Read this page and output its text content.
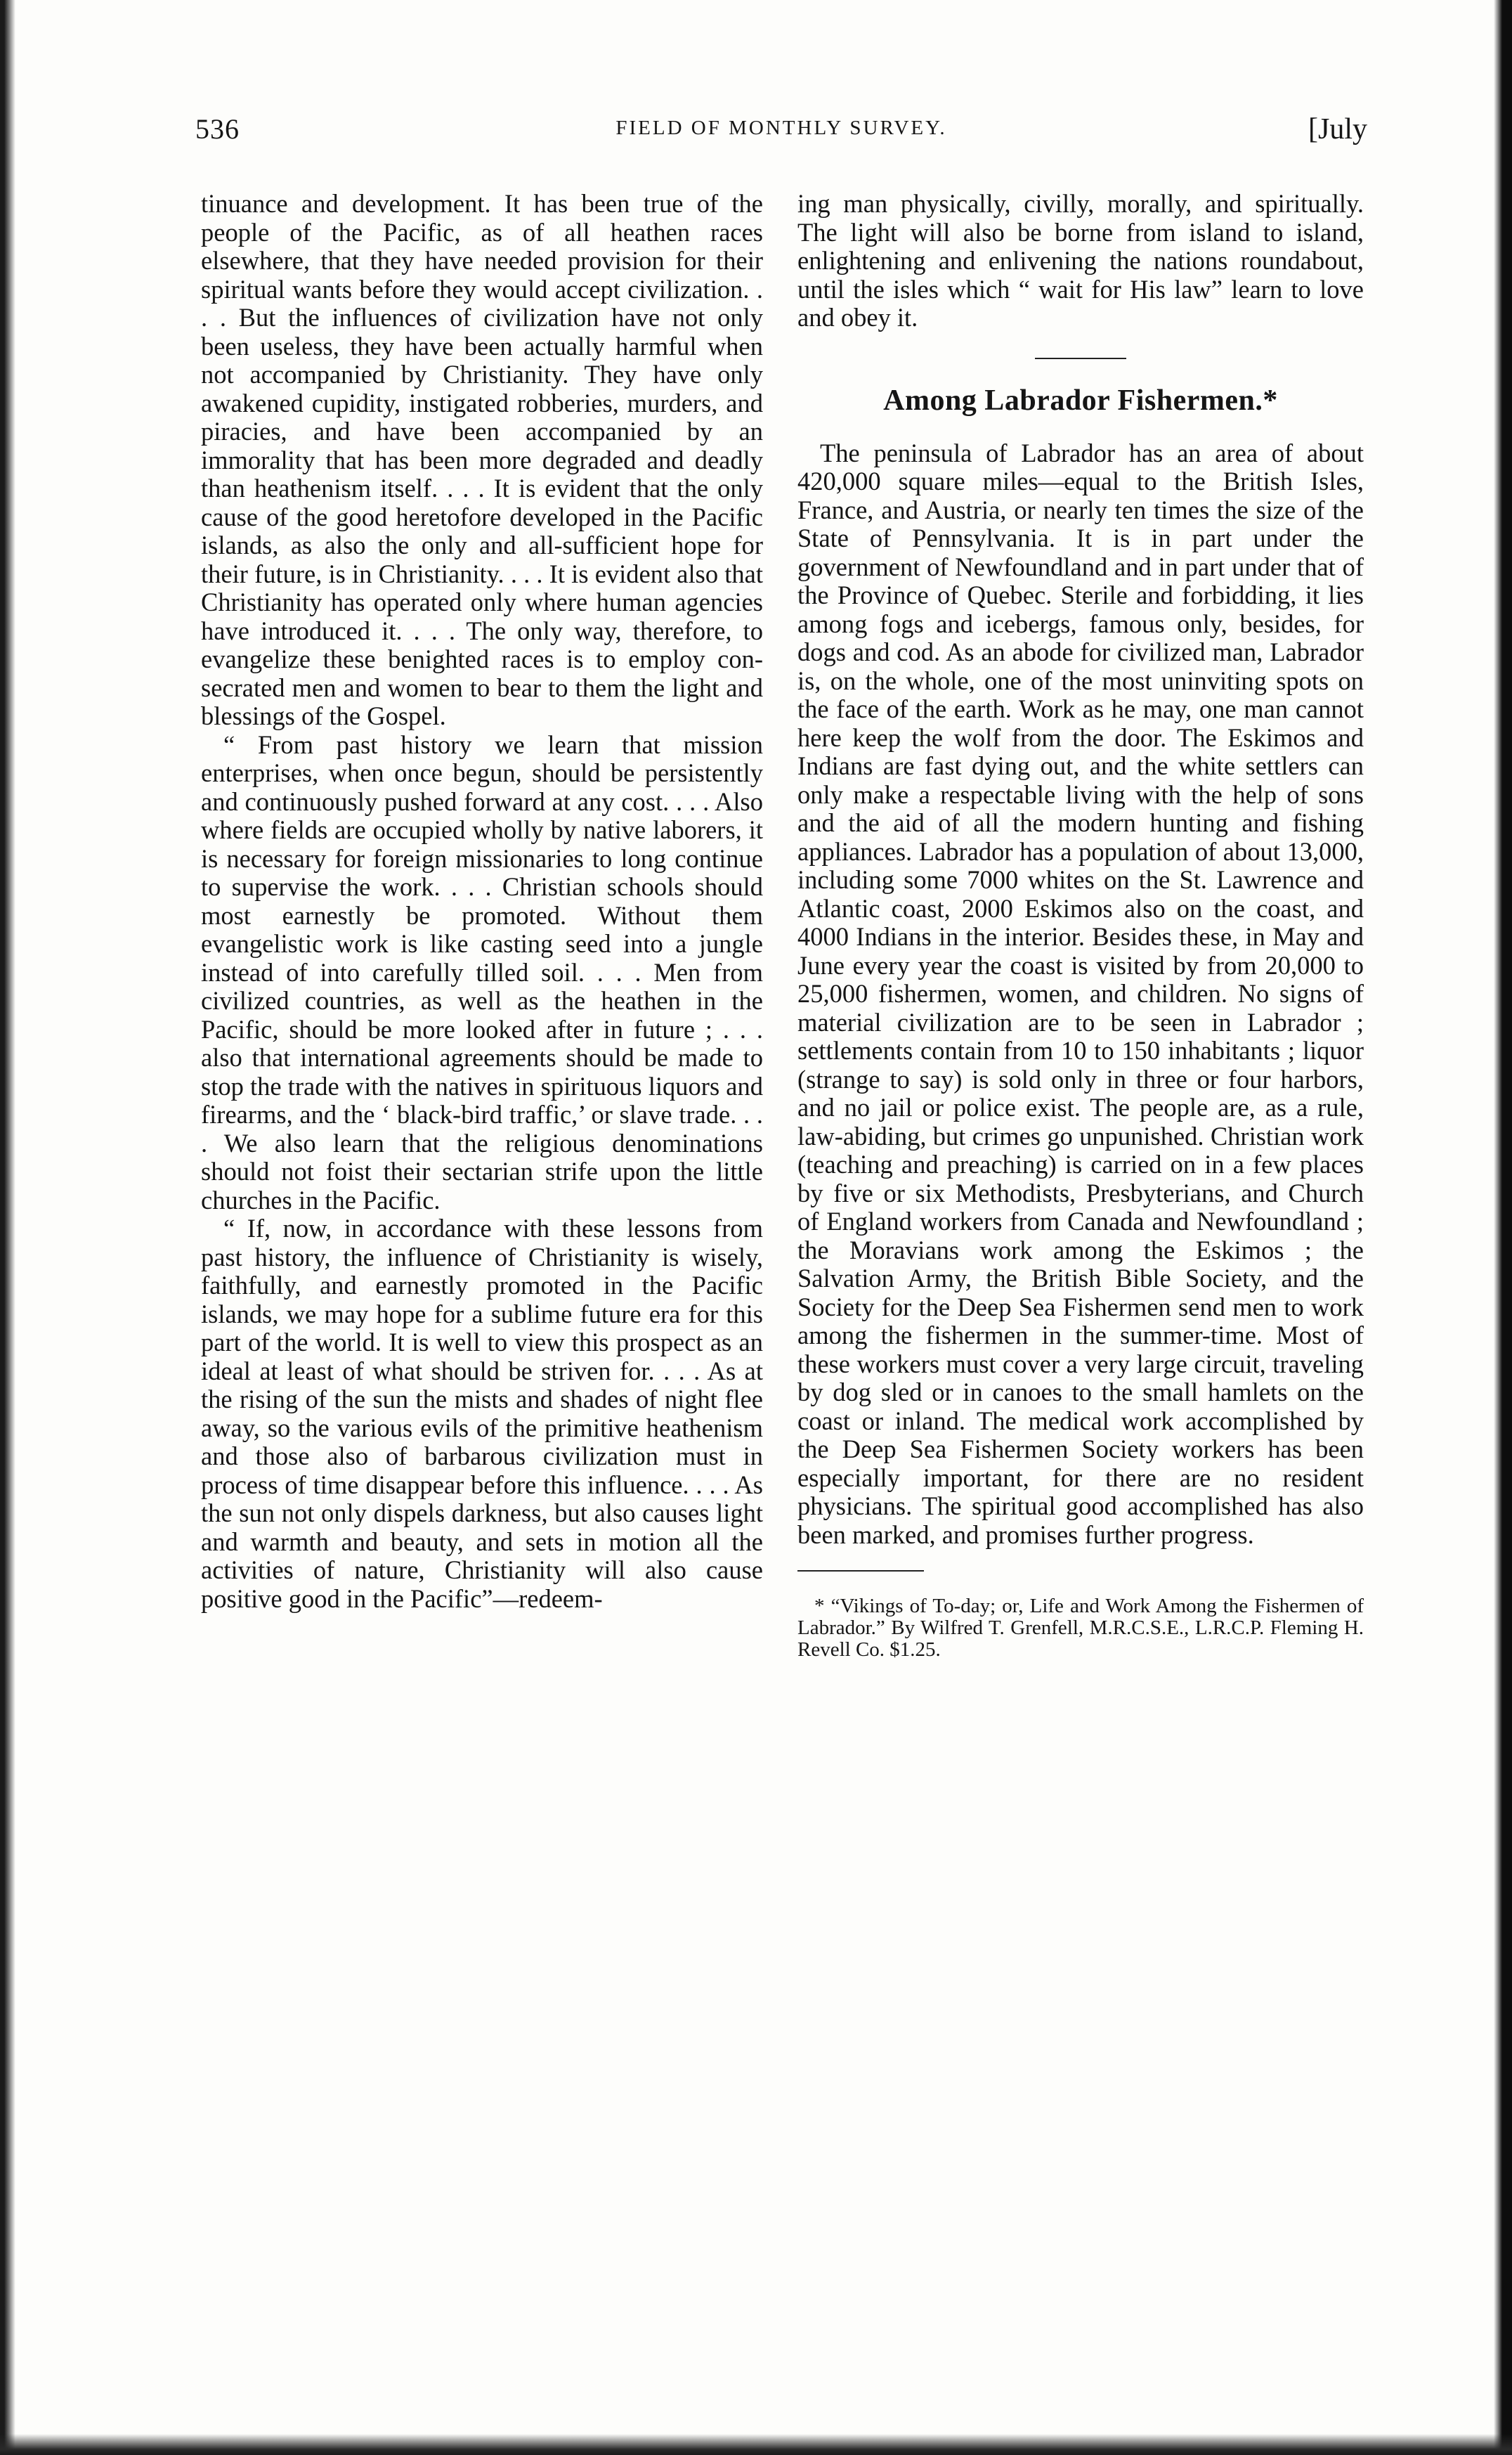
536	FIELD OF MONTHLY SURVEY.	[July

tinuance and development. It has been true of the people of the Pacific, as of all heathen races elsewhere, that they have needed provision for their spiritual wants before they would accept civilization. . . . But the influences of civilization have not only been useless, they have been actually harmful when not accompanied by Christianity. They have only awakened cupidity, instigated robberies, murders, and piracies, and have been accompanied by an immorality that has been more degraded and deadly than heathenism itself. . . . It is evident that the only cause of the good heretofore developed in the Pacific islands, as also the only and all-sufficient hope for their future, is in Christianity. . . . It is evident also that Christianity has operated only where human agencies have introduced it. . . . The only way, therefore, to evangelize these benighted races is to employ consecrated men and women to bear to them the light and blessings of the Gospel.

“ From past history we learn that mission enterprises, when once begun, should be persistently and continuously pushed forward at any cost. . . . Also where fields are occupied wholly by native laborers, it is necessary for foreign missionaries to long continue to supervise the work. . . . Christian schools should most earnestly be promoted. Without them evangelistic work is like casting seed into a jungle instead of into carefully tilled soil. . . . Men from civilized countries, as well as the heathen in the Pacific, should be more looked after in future ; . . . also that international agreements should be made to stop the trade with the natives in spirituous liquors and firearms, and the ‘ black-bird traffic,’ or slave trade. . . . We also learn that the religious denominations should not foist their sectarian strife upon the little churches in the Pacific.

“ If, now, in accordance with these lessons from past history, the influence of Christianity is wisely, faithfully, and earnestly promoted in the Pacific islands, we may hope for a sublime future era for this part of the world. It is well to view this prospect as an ideal at least of what should be striven for. . . . As at the rising of the sun the mists and shades of night flee away, so the various evils of the primitive heathenism and those also of barbarous civilization must in process of time disappear before this influence. . . . As the sun not only dispels darkness, but also causes light and warmth and beauty, and sets in motion all the activities of nature, Christianity will also cause positive good in the Pacific”—redeem-

ing man physically, civilly, morally, and spiritually. The light will also be borne from island to island, enlightening and enlivening the nations roundabout, until the isles which “ wait for His law” learn to love and obey it.

Among Labrador Fishermen.*

The peninsula of Labrador has an area of about 420,000 square miles—equal to the British Isles, France, and Austria, or nearly ten times the size of the State of Pennsylvania. It is in part under the government of Newfoundland and in part under that of the Province of Quebec. Sterile and forbidding, it lies among fogs and icebergs, famous only, besides, for dogs and cod. As an abode for civilized man, Labrador is, on the whole, one of the most uninviting spots on the face of the earth. Work as he may, one man cannot here keep the wolf from the door. The Eskimos and Indians are fast dying out, and the white settlers can only make a respectable living with the help of sons and the aid of all the modern hunting and fishing appliances. Labrador has a population of about 13,000, including some 7000 whites on the St. Lawrence and Atlantic coast, 2000 Eskimos also on the coast, and 4000 Indians in the interior. Besides these, in May and June every year the coast is visited by from 20,000 to 25,000 fishermen, women, and children. No signs of material civilization are to be seen in Labrador ; settlements contain from 10 to 150 inhabitants ; liquor (strange to say) is sold only in three or four harbors, and no jail or police exist. The people are, as a rule, law-abiding, but crimes go unpunished. Christian work (teaching and preaching) is carried on in a few places by five or six Methodists, Presbyterians, and Church of England workers from Canada and Newfoundland ; the Moravians work among the Eskimos ; the Salvation Army, the British Bible Society, and the Society for the Deep Sea Fishermen send men to work among the fishermen in the summer-time. Most of these workers must cover a very large circuit, traveling by dog sled or in canoes to the small hamlets on the coast or inland. The medical work accomplished by the Deep Sea Fishermen Society workers has been especially important, for there are no resident physicians. The spiritual good accomplished has also been marked, and promises further progress.

* “Vikings of To-day; or, Life and Work Among the Fishermen of Labrador.” By Wilfred T. Grenfell, M.R.C.S.E., L.R.C.P. Fleming H. Revell Co. $1.25.
